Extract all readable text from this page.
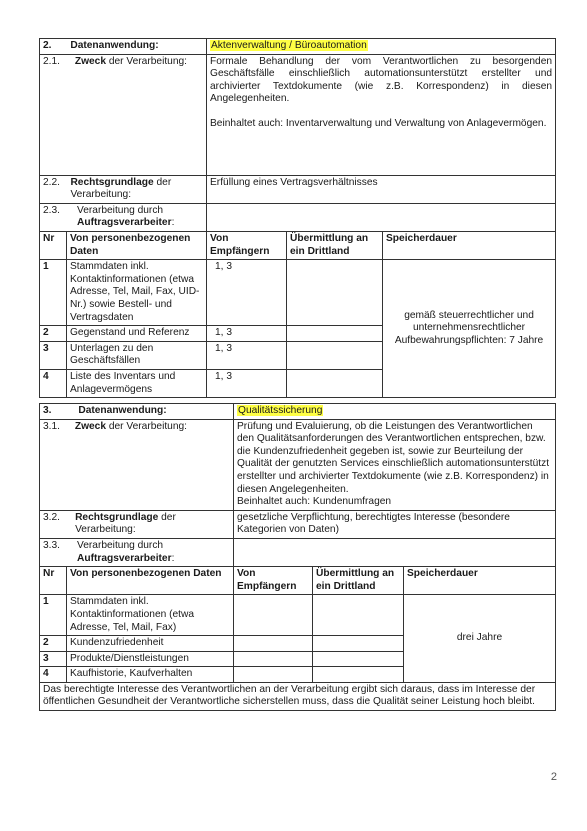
2. Datenanwendung:		Aktenverwaltung / Büroautomation		
2.1. Zweck der Verarbeitung:		Formale Behandlung der vom Verantwortlichen zu besorgenden Geschäftsfälle einschließlich automationsunterstützt erstellter und archivierter Textdokumente (wie z.B. Korrespondenz) in diesen Angelegenheiten.
Beinhaltet auch: Inventarverwaltung und Verwaltung von Anlagevermögen.		

2.2. Rechtsgrundlage der Verarbeitung:		Erfüllung eines Vertragsverhältnisses		

2.3. Verarbeitung durch
Auftragsverarbeiter:				

Nr	Von personenbezogenen Daten	Von Empfängern	Übermittlung an ein Drittland	Speicherdauer
1	Stammdaten inkl. Kontaktinformationen (etwa Adresse, Tel, Mail, Fax, UID-Nr.) sowie Bestell- und Vertragsdaten	1, 3		gemäß steuerrechtlicher und unternehmensrechtlicher Aufbewahrungspflichten: 7 Jahre
2	Gegenstand und Referenz	1, 3		
3	Unterlagen zu den Geschäftsfällen	1, 3		
4	Liste des Inventars und Anlagevermögens	1, 3		
3. Datenanwendung:		Qualitätssicherung		
3.1. Zweck der Verarbeitung:		Prüfung und Evaluierung, ob die Leistungen des Verantwortlichen den Qualitätsanforderungen des Verantwortlichen entsprechen, bzw. die Kundenzufriedenheit gegeben ist, sowie zur Beurteilung der Qualität der genutzten Services einschließlich automationsunterstützt erstellter und archivierter Textdokumente (wie z.B. Korrespondenz) in diesen Angelegenheiten.
Beinhaltet auch: Kundenumfragen		

3.2. Rechtsgrundlage der Verarbeitung:		gesetzliche Verpflichtung, berechtigtes Interesse (besondere Kategorien von Daten)		

3.3. Verarbeitung durch
Auftragsverarbeiter:				

Nr	Von personenbezogenen Daten	Von Empfängern	Übermittlung an ein Drittland	Speicherdauer
1	Stammdaten inkl. Kontaktinformationen (etwa Adresse, Tel, Mail, Fax)			drei Jahre
2	Kundenzufriedenheit			
3	Produkte/Dienstleistungen			
4	Kaufhistorie, Kaufverhalten			
Das berechtigte Interesse des Verantwortlichen an der Verarbeitung ergibt sich daraus, dass im Interesse der öffentlichen Gesundheit der Verantwortliche sicherstellen muss, dass die Qualität seiner Leistung hoch bleibt.				
2
